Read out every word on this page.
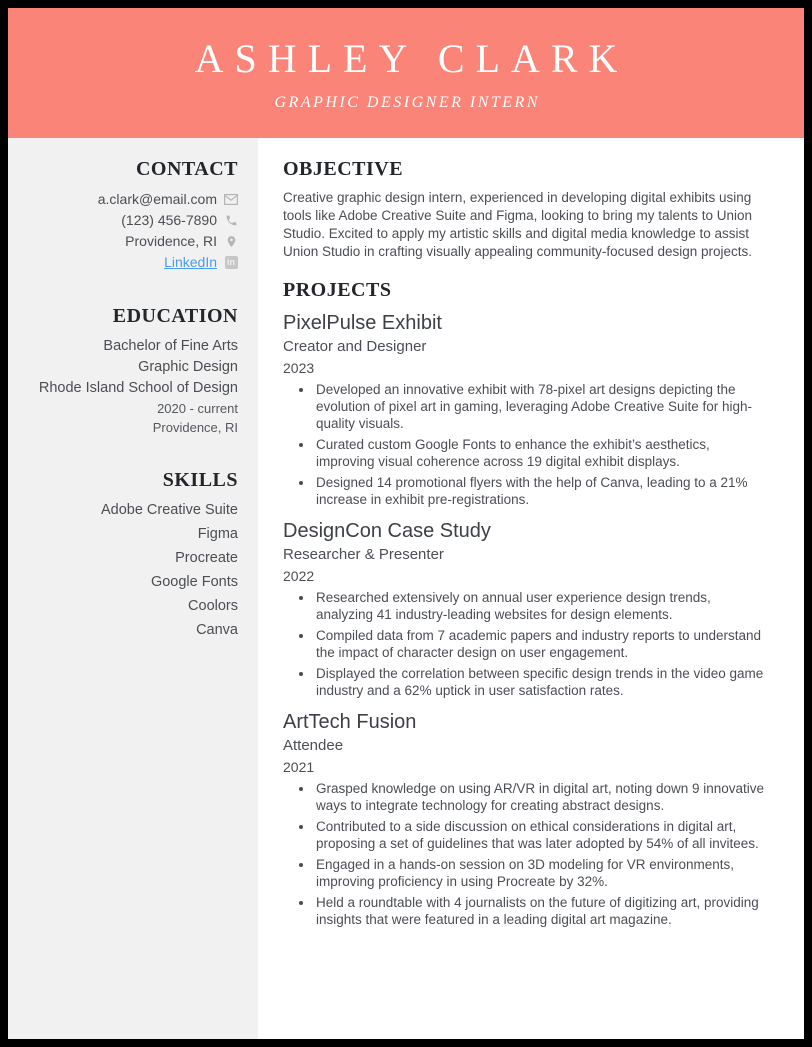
ASHLEY CLARK
GRAPHIC DESIGNER INTERN
CONTACT
a.clark@email.com
(123) 456-7890
Providence, RI
LinkedIn in
EDUCATION
Bachelor of Fine Arts
Graphic Design
Rhode Island School of Design
2020 - current
Providence, RI
SKILLS
Adobe Creative Suite
Figma
Procreate
Google Fonts
Coolors
Canva
OBJECTIVE

Creative graphic design intern, experienced in developing digital exhibits using tools like Adobe Creative Suite and Figma, looking to bring my talents to Union Studio. Excited to apply my artistic skills and digital media knowledge to assist Union Studio in crafting visually appealing community-focused design projects.

PROJECTS
PixelPulse Exhibit
Creator and Designer
2023
• Developed an innovative exhibit with 78-pixel art designs depicting the evolution of pixel art in gaming, leveraging Adobe Creative Suite for high-quality visuals.
• Curated custom Google Fonts to enhance the exhibit’s aesthetics, improving visual coherence across 19 digital exhibit displays.
• Designed 14 promotional flyers with the help of Canva, leading to a 21% increase in exhibit pre-registrations.
DesignCon Case Study
Researcher & Presenter
2022
• Researched extensively on annual user experience design trends, analyzing 41 industry-leading websites for design elements.
• Compiled data from 7 academic papers and industry reports to understand the impact of character design on user engagement.
• Displayed the correlation between specific design trends in the video game industry and a 62% uptick in user satisfaction rates.
ArtTech Fusion
Attendee
2021
• Grasped knowledge on using AR/VR in digital art, noting down 9 innovative ways to integrate technology for creating abstract designs.
• Contributed to a side discussion on ethical considerations in digital art, proposing a set of guidelines that was later adopted by 54% of all invitees.
• Engaged in a hands-on session on 3D modeling for VR environments, improving proficiency in using Procreate by 32%.
• Held a roundtable with 4 journalists on the future of digitizing art, providing insights that were featured in a leading digital art magazine.
